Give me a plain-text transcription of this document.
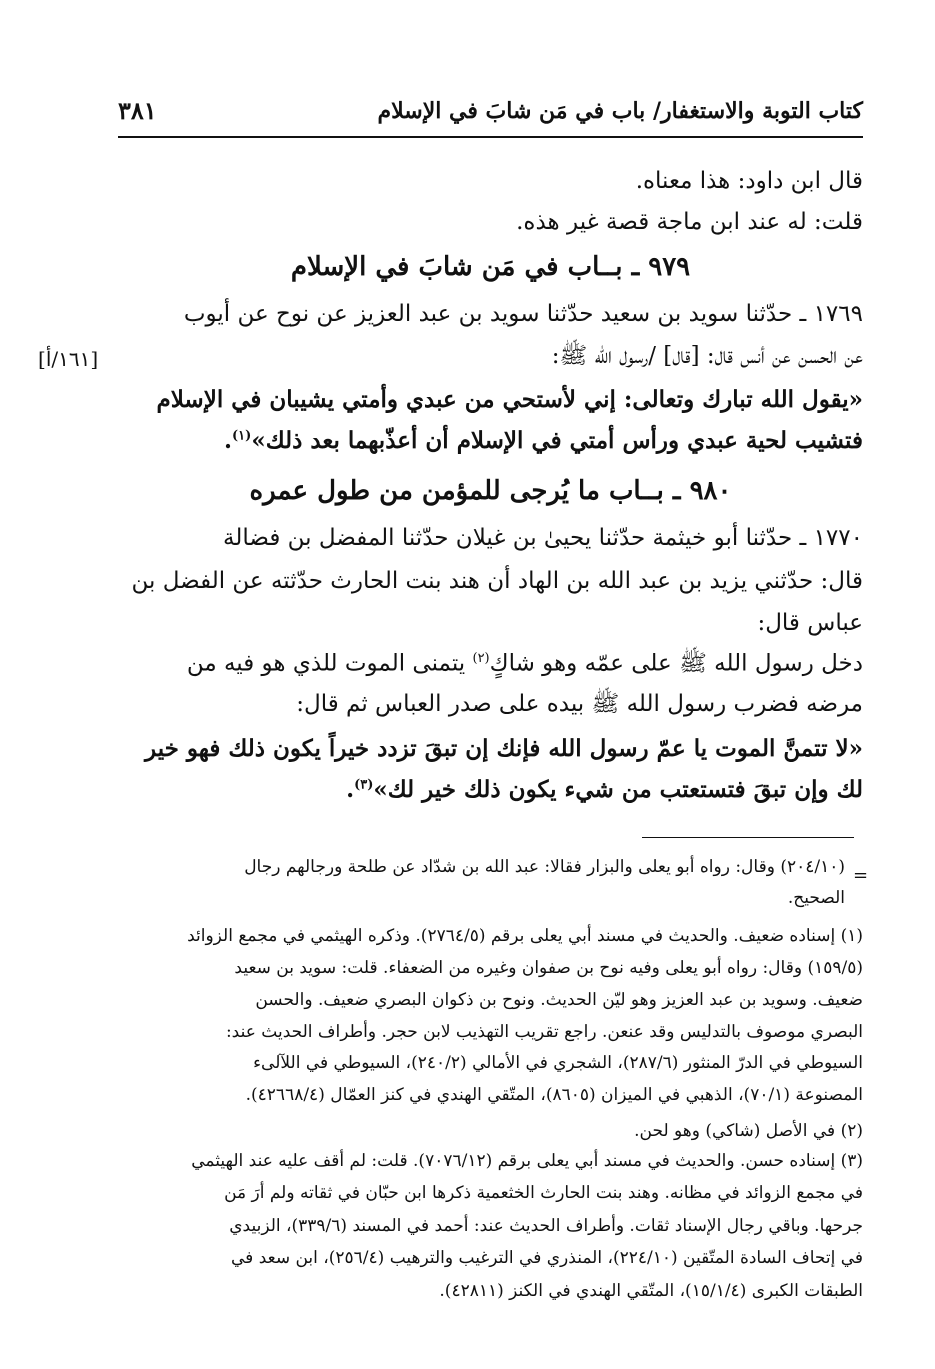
كتاب التوبة والاستغفار/ باب في مَن شابَ في الإسلام
٣٨١
قال ابن داود: هذا معناه.
قلت: له عند ابن ماجة قصة غير هذه.
٩٧٩ ـ بــاب في مَن شابَ في الإسلام
١٧٦٩ ـ حدّثنا سويد بن سعيد حدّثنا سويد بن عبد العزيز عن نوح عن أيوب
عن الحسن عن أنس قال: [قال] /رسول الله ﷺ:
[١٦١/أ]
«يقول الله تبارك وتعالى: إني لأستحي من عبدي وأمتي يشيبان في الإسلام
فتشيب لحية عبدي ورأس أمتي في الإسلام أن أعذّبهما بعد ذلك»$^{(١)}$.
٩٨٠ ـ بــاب ما يُرجى للمؤمن من طول عمره
١٧٧٠ ـ حدّثنا أبو خيثمة حدّثنا يحيىٰ بن غيلان حدّثنا المفضل بن فضالة
قال: حدّثني يزيد بن عبد الله بن الهاد أن هند بنت الحارث حدّثته عن الفضل بن
عباس قال:
دخل رسول الله ﷺ على عمّه وهو شاكٍ$^{(٢)}$ يتمنى الموت للذي هو فيه من
مرضه فضرب رسول الله ﷺ بيده على صدر العباس ثم قال:
«لا تتمنَّ الموت يا عمّ رسول الله فإنك إن تبقَ تزدد خيراً يكون ذلك فهو خير
لك وإن تبقَ فتستعتب من شيء يكون ذلك خير لك»$^{(٣)}$.
=
(٢٠٤/١٠) وقال: رواه أبو يعلى والبزار فقالا: عبد الله بن شدّاد عن طلحة ورجالهم رجال
الصحيح.
(١) إسناده ضعيف. والحديث في مسند أبي يعلى برقم (٢٧٦٤/٥). وذكره الهيثمي في مجمع الزوائد
(١٥٩/٥) وقال: رواه أبو يعلى وفيه نوح بن صفوان وغيره من الضعفاء. قلت: سويد بن سعيد
ضعيف. وسويد بن عبد العزيز وهو ليّن الحديث. ونوح بن ذكوان البصري ضعيف. والحسن
البصري موصوف بالتدليس وقد عنعن. راجع تقريب التهذيب لابن حجر. وأطراف الحديث عند:
السيوطي في الدرّ المنثور (٢٨٧/٦)، الشجري في الأمالي (٢٤٠/٢)، السيوطي في اللآلىء
المصنوعة (٧٠/١)، الذهبي في الميزان (٨٦٠٥)، المتّقي الهندي في كنز العمّال (٤٢٦٦٨/٤).
(٢) في الأصل (شاكي) وهو لحن.
(٣) إسناده حسن. والحديث في مسند أبي يعلى برقم (٧٠٧٦/١٢). قلت: لم أقف عليه عند الهيثمي
في مجمع الزوائد في مظانه. وهند بنت الحارث الخثعمية ذكرها ابن حبّان في ثقاته ولم أرَ مَن
جرحها. وباقي رجال الإسناد ثقات. وأطراف الحديث عند: أحمد في المسند (٣٣٩/٦)، الزبيدي
في إتحاف السادة المتّقين (٢٢٤/١٠)، المنذري في الترغيب والترهيب (٢٥٦/٤)، ابن سعد في
الطبقات الكبرى (١٥/١/٤)، المتّقي الهندي في الكنز (٤٢٨١١).
